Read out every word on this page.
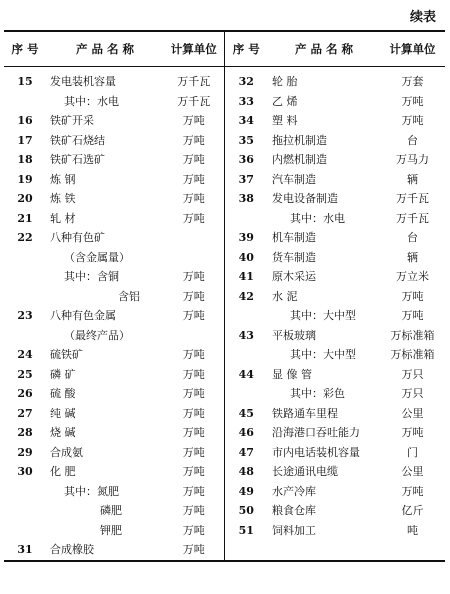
续表
序 号	产 品 名 称	计算单位	序 号	产 品 名 称	计算单位
15	发电装机容量	万千瓦	32	轮 胎	万套
	其中：水电	万千瓦	33	乙 烯	万吨
16	铁矿开采	万吨	34	塑 料	万吨
17	铁矿石烧结	万吨	35	拖拉机制造	台
18	铁矿石选矿	万吨	36	内燃机制造	万马力
19	炼 钢	万吨	37	汽车制造	辆
20	炼 铁	万吨	38	发电设备制造	万千瓦
21	轧 材	万吨		其中：水电	万千瓦
22	八种有色矿		39	机车制造	台
	（含金属量）		40	货车制造	辆
	其中：含铜	万吨	41	原木采运	万立米
	含铝	万吨	42	水 泥	万吨
23	八种有色金属	万吨		其中：大中型	万吨
	（最终产品）		43	平板玻璃	万标准箱
24	硫铁矿	万吨		其中：大中型	万标准箱
25	磷 矿	万吨	44	显 像 管	万只
26	硫 酸	万吨		其中：彩色	万只
27	纯 碱	万吨	45	铁路通车里程	公里
28	烧 碱	万吨	46	沿海港口吞吐能力	万吨
29	合成氨	万吨	47	市内电话装机容量	门
30	化 肥	万吨	48	长途通讯电缆	公里
	其中：氮肥	万吨	49	水产冷库	万吨
	磷肥	万吨	50	粮食仓库	亿斤
	钾肥	万吨	51	饲料加工	吨
31	合成橡胶	万吨			
